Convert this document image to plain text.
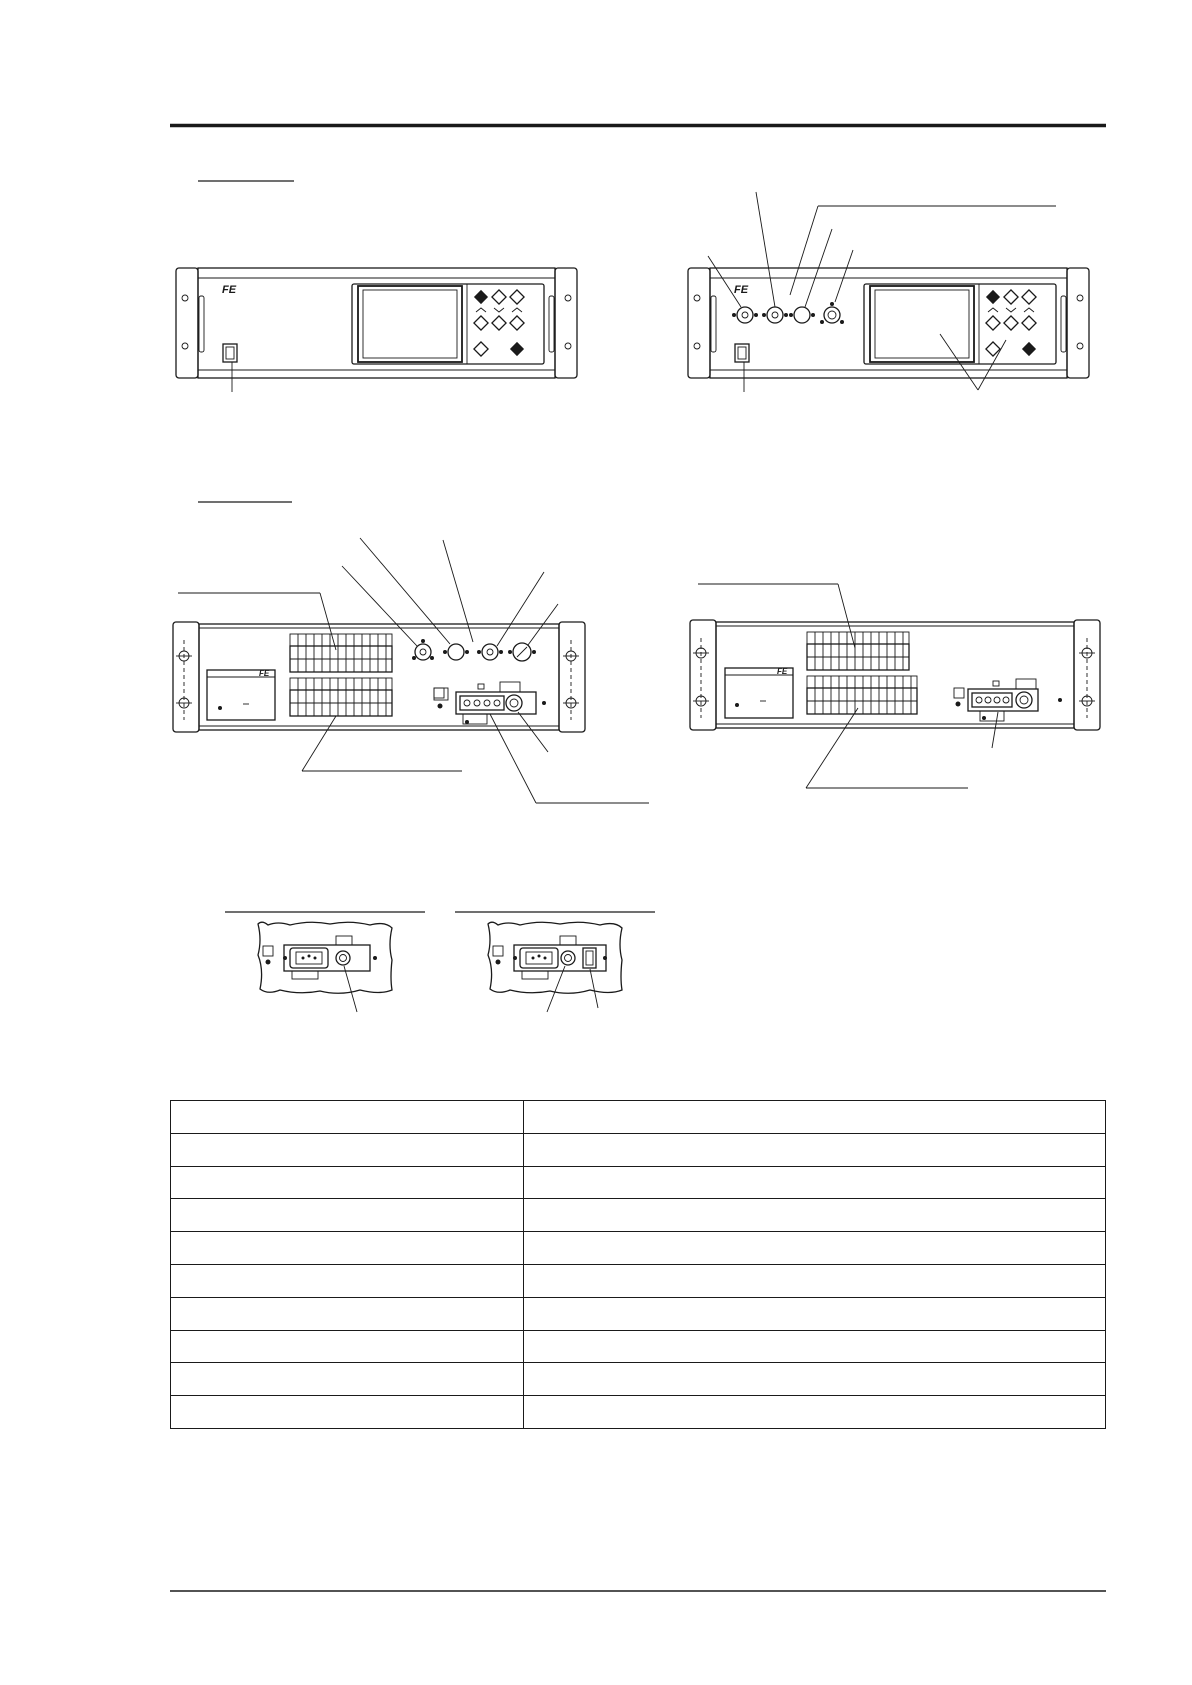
FE	FE
FE	FE
